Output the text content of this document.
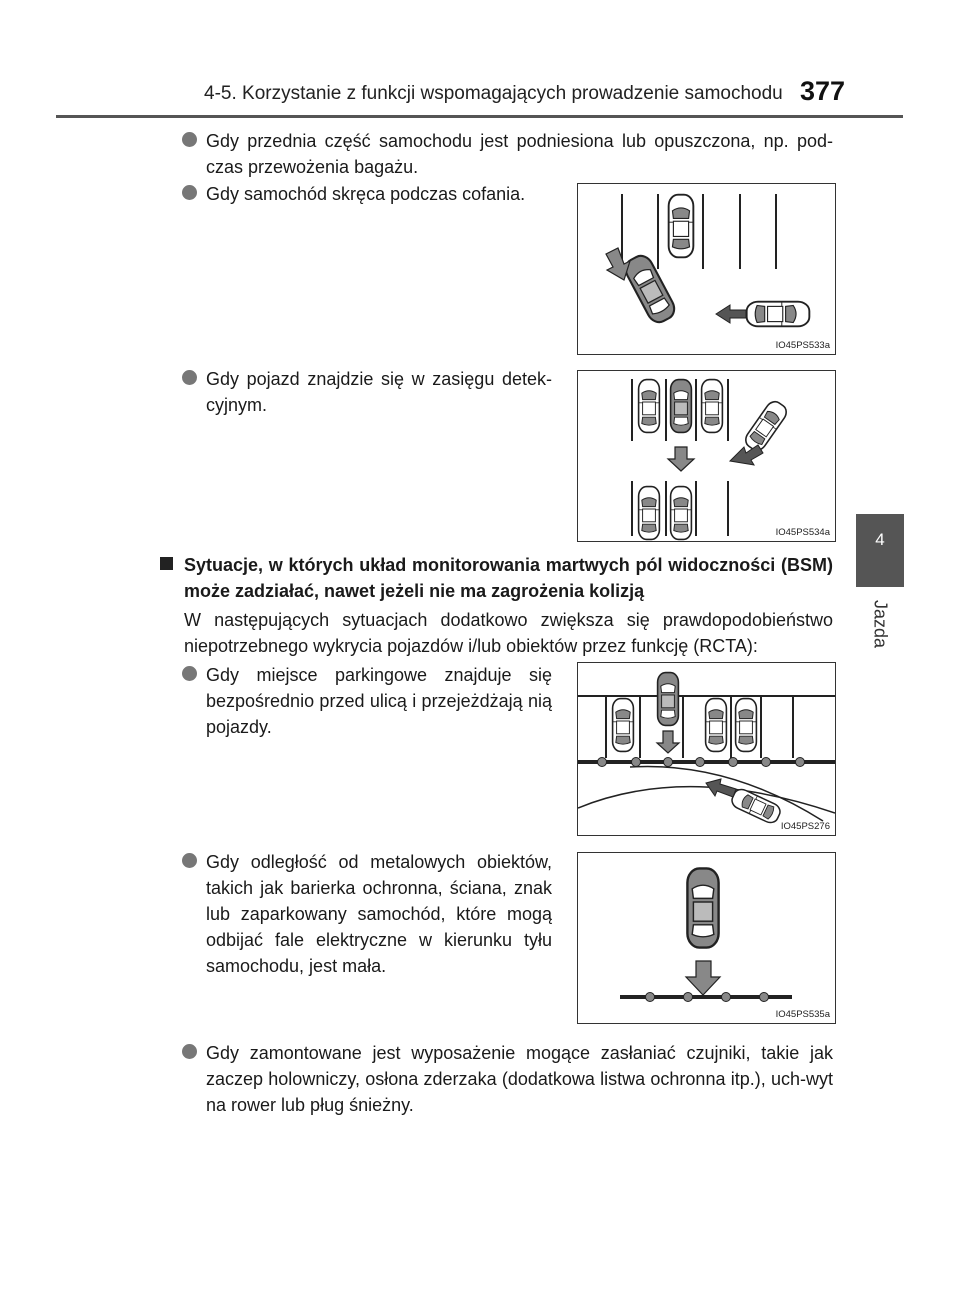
4-5. Korzystanie z funkcji wspomagających prowadzenie samochodu 377
4
Jazda
Gdy przednia część samochodu jest podniesiona lub opuszczona, np. pod-czas przewożenia bagażu.
Gdy samochód skręca podczas cofania.
Gdy pojazd znajdzie się w zasięgu detek-cyjnym.
IO45PS533a
IO45PS534a
Sytuacje, w których układ monitorowania martwych pól widoczności (BSM) może zadziałać, nawet jeżeli nie ma zagrożenia kolizją
W następujących sytuacjach dodatkowo zwiększa się prawdopodobieństwo niepotrzebnego wykrycia pojazdów i/lub obiektów przez funkcję (RCTA):
Gdy miejsce parkingowe znajduje się bezpośrednio przed ulicą i przejeżdżają nią pojazdy.
Gdy odległość od metalowych obiektów, takich jak barierka ochronna, ściana, znak lub zaparkowany samochód, które mogą odbijać fale elektryczne w kierunku tyłu samochodu, jest mała.
Gdy zamontowane jest wyposażenie mogące zasłaniać czujniki, takie jak zaczep holowniczy, osłona zderzaka (dodatkowa listwa ochronna itp.), uch-wyt na rower lub pług śnieżny.
IO45PS276
IO45PS535a
